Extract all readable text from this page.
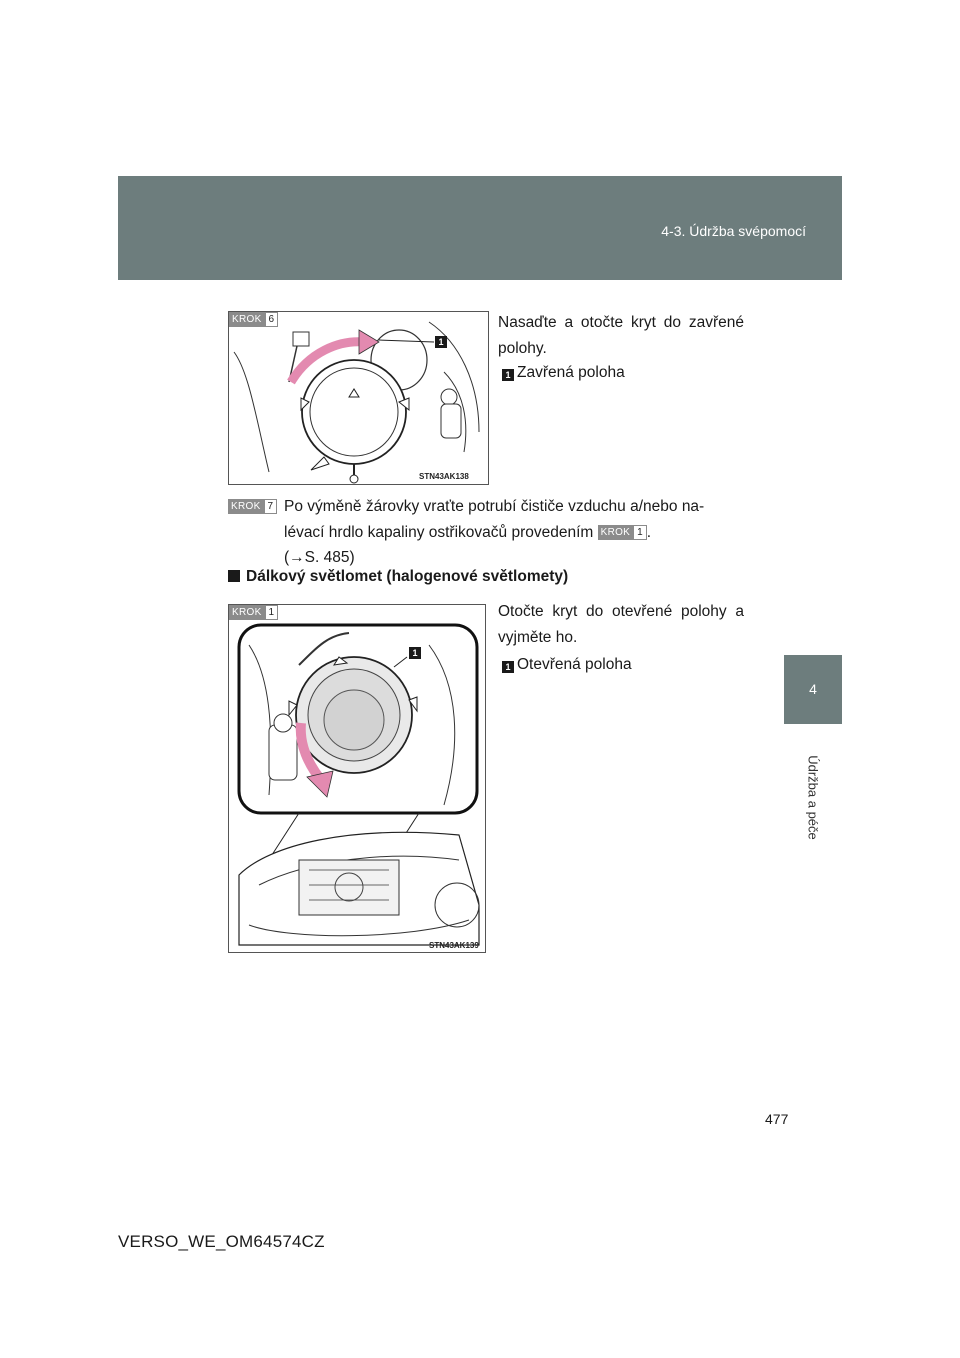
4-3. Údržba svépomocí
4
Údržba a péče
KROK 6
1
STN43AK138
Nasaďte a otočte kryt do zavřené polohy.
1 Zavřená poloha
KROK 7 Po výměně žárovky vraťte potrubí čističe vzduchu a/nebo na-
lévací hrdlo kapaliny ostřikovačů provedením KROK 1 .
(→S. 485)
Dálkový světlomet (halogenové světlomety)
KROK 1
1
STN43AK139
Otočte kryt do otevřené polohy a vyjměte ho.
1 Otevřená poloha
477
VERSO_WE_OM64574CZ
